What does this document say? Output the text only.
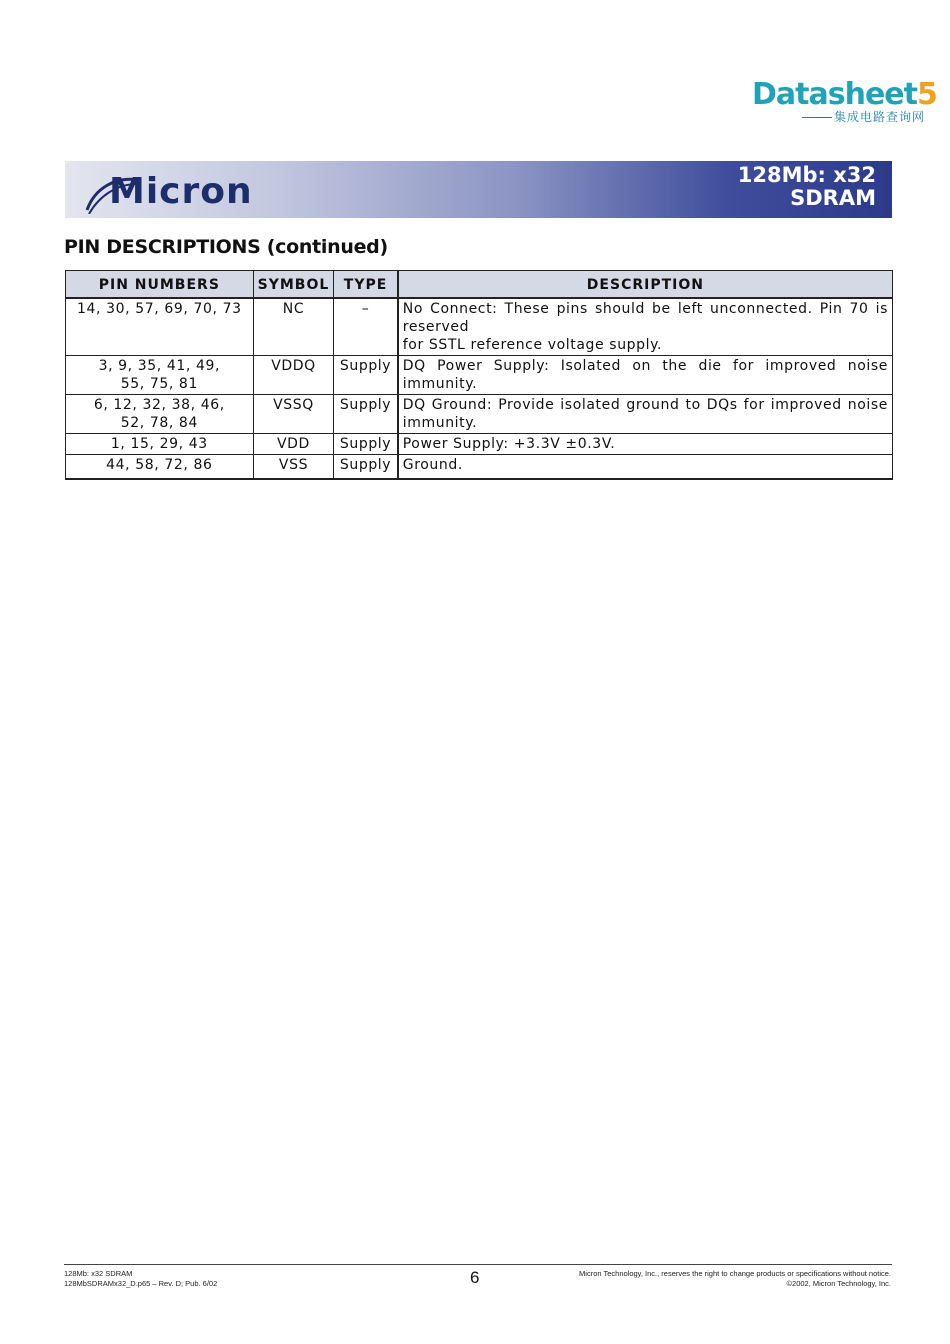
Datasheet5
集成电路查询网
Micron	128Mb: x32
SDRAM
PIN DESCRIPTIONS (continued)
PIN NUMBERS	SYMBOL	TYPE	DESCRIPTION
14, 30, 57, 69, 70, 73	NC	–	No Connect: These pins should be left unconnected. Pin 70 is reserved
for SSTL reference voltage supply.

3, 9, 35, 41, 49, 55, 75, 81	VDDQ	Supply	DQ Power Supply: Isolated on the die for improved noise immunity.

6, 12, 32, 38, 46, 52, 78, 84	VSSQ	Supply	DQ Ground: Provide isolated ground to DQs for improved noise immunity.

1, 15, 29, 43	VDD	Supply	Power Supply: +3.3V ±0.3V.

44, 58, 72, 86	VSS	Supply	Ground.
128Mb: x32 SDRAM
128MbSDRAMx32_D.p65 – Rev. D; Pub. 6/02	6	Micron Technology, Inc., reserves the right to change products or specifications without notice.
©2002, Micron Technology, Inc.
